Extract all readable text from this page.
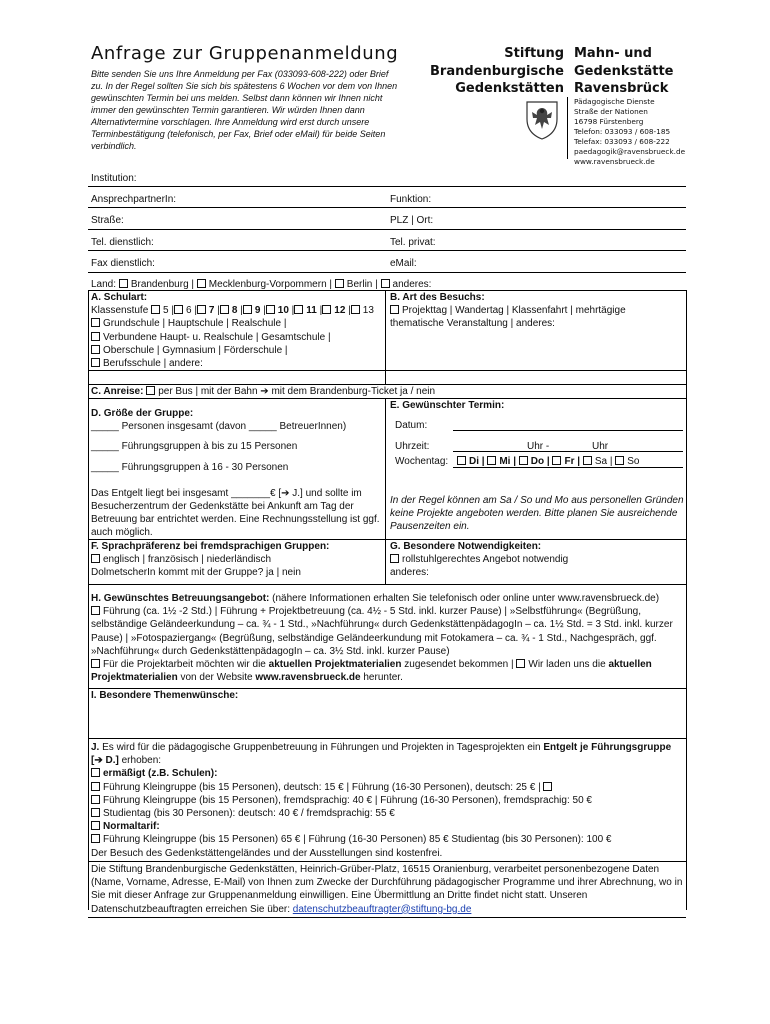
Anfrage zur Gruppenanmeldung
Bitte senden Sie uns Ihre Anmeldung per Fax (033093-608-222) oder Brief zu. In der Regel sollten Sie sich bis spätestens 6 Wochen vor dem von Ihnen gewünschten Termin bei uns melden. Selbst dann können wir Ihnen nicht immer den gewünschten Termin garantieren. Wir würden Ihnen dann Alternativtermine vorschlagen. Ihre Anmeldung wird erst durch unsere Terminbestätigung (telefonisch, per Fax, Brief oder eMail) für beide Seiten verbindlich.
Stiftung
Brandenburgische
Gedenkstätten
Mahn- und
Gedenkstätte
Ravensbrück
Pädagogische Dienste
Straße der Nationen
16798 Fürstenberg
Telefon: 033093 / 608-185
Telefax: 033093 / 608-222
paedagogik@ravensbrueck.de
www.ravensbrueck.de
Institution:
AnsprechpartnerIn:	Funktion:
Straße:	PLZ | Ort:
Tel. dienstlich:	Tel. privat:
Fax dienstlich:	eMail:
Land: Brandenburg | Mecklenburg-Vorpommern | Berlin | anderes:
A. Schulart:
Klassenstufe 5 | 6 | 7 | 8 | 9 | 10 | 11 | 12 | 13
Grundschule | Hauptschule | Realschule |
Verbundene Haupt- u. Realschule | Gesamtschule |
Oberschule | Gymnasium | Förderschule |
Berufsschule | andere:
B. Art des Besuchs:
Projekttag | Wandertag | Klassenfahrt | mehrtägige
thematische Veranstaltung | anderes:
C. Anreise: per Bus | mit der Bahn ➔ mit dem Brandenburg-Ticket ja / nein
D. Größe der Gruppe:
_____ Personen insgesamt (davon _____ BetreuerInnen)
_____ Führungsgruppen à bis zu 15 Personen
_____ Führungsgruppen à 16 - 30 Personen
Das Entgelt liegt bei insgesamt _______€ [➔ J.] und sollte im Besucherzentrum der Gedenkstätte bei Ankunft am Tag der Betreuung bar entrichtet werden. Eine Rechnungsstellung ist ggf. auch möglich.
E. Gewünschter Termin:
Datum:
Uhrzeit:	Uhr -	Uhr
Wochentag: Di | Mi | Do | Fr | Sa | So
In der Regel können am Sa / So und Mo aus personellen Gründen keine Projekte angeboten werden. Bitte planen Sie ausreichende Pausenzeiten ein.
F. Sprachpräferenz bei fremdsprachigen Gruppen:
englisch | französisch | niederländisch
DolmetscherIn kommt mit der Gruppe? ja | nein
G. Besondere Notwendigkeiten:
rollstuhlgerechtes Angebot notwendig
anderes:
H. Gewünschtes Betreuungsangebot: (nähere Informationen erhalten Sie telefonisch oder online unter www.ravensbrueck.de)
Führung (ca. 1½ -2 Std.) | Führung + Projektbetreuung (ca. 4½ - 5 Std. inkl. kurzer Pause) | »Selbstführung« (Begrüßung,
selbständige Geländeerkundung – ca. ¾ - 1 Std., »Nachführung« durch GedenkstättenpädagogIn – ca. 1½ Std. = 3 Std. inkl. kurzer
Pause) | »Fotospaziergang« (Begrüßung, selbständige Geländeerkundung mit Fotokamera – ca. ¾ - 1 Std., Nachgespräch, ggf.
»Nachführung« durch GedenkstättenpädagogIn – ca. 3½ Std. inkl. kurzer Pause)
Für die Projektarbeit möchten wir die aktuellen Projektmaterialien zugesendet bekommen | Wir laden uns die aktuellen
Projektmaterialien von der Website www.ravensbrueck.de herunter.
I. Besondere Themenwünsche:
J. Es wird für die pädagogische Gruppenbetreuung in Führungen und Projekten in Tagesprojekten ein Entgelt je Führungsgruppe
[➔ D.] erhoben:
ermäßigt (z.B. Schulen):
Führung Kleingruppe (bis 15 Personen), deutsch: 15 € | Führung (16-30 Personen), deutsch: 25 € |
Führung Kleingruppe (bis 15 Personen), fremdsprachig: 40 € | Führung (16-30 Personen), fremdsprachig: 50 €
Studientag (bis 30 Personen): deutsch: 40 € / fremdsprachig: 55 €
Normaltarif:
Führung Kleingruppe (bis 15 Personen) 65 € | Führung (16-30 Personen) 85 € Studientag (bis 30 Personen): 100 €
Der Besuch des Gedenkstättengeländes und der Ausstellungen sind kostenfrei.
Die Stiftung Brandenburgische Gedenkstätten, Heinrich-Grüber-Platz, 16515 Oranienburg, verarbeitet personenbezogene Daten
(Name, Vorname, Adresse, E-Mail) von Ihnen zum Zwecke der Durchführung pädagogischer Programme und ihrer Abrechnung, wo in
Sie mit dieser Anfrage zur Gruppenanmeldung einwilligen. Eine Übermittlung an Dritte findet nicht statt. Unseren
Datenschutzbeauftragten erreichen Sie über: datenschutzbeauftragter@stiftung-bg.de
